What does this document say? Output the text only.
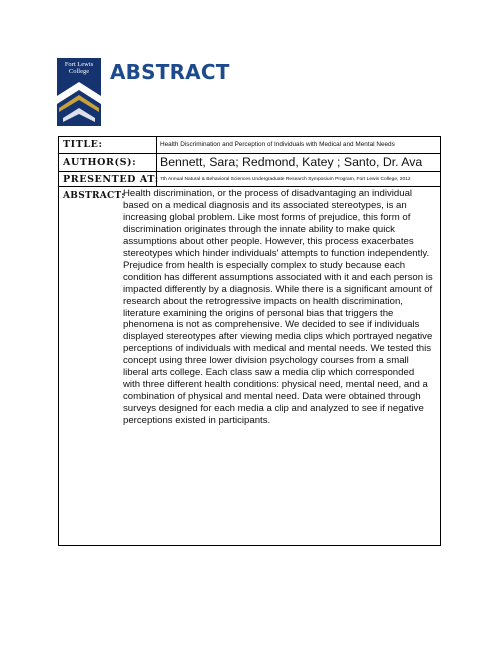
Fort Lewis
College	ABSTRACT
TITLE:	Health Discrimination and Perception of Individuals with Medical and Mental Needs
AUTHOR(S): Bennett, Sara; Redmond, Katey ; Santo, Dr. Ava
PRESENTED AT: 7th Annual Natural & Behavioral Sciences Undergraduate Research Symposium Program, Fort Lewis College, 2012
ABSTRACT:
Health discrimination, or the process of disadvantaging an individual
based on a medical diagnosis and its associated stereotypes, is an
increasing global problem. Like most forms of prejudice, this form of
discrimination originates through the innate ability to make quick
assumptions about other people. However, this process exacerbates
stereotypes which hinder individuals' attempts to function independently.
Prejudice from health is especially complex to study because each
condition has different assumptions associated with it and each person is
impacted differently by a diagnosis. While there is a significant amount of
research about the retrogressive impacts on health discrimination,
literature examining the origins of personal bias that triggers the
phenomena is not as comprehensive. We decided to see if individuals
displayed stereotypes after viewing media clips which portrayed negative
perceptions of individuals with medical and mental needs. We tested this
concept using three lower division psychology courses from a small
liberal arts college. Each class saw a media clip which corresponded
with three different health conditions: physical need, mental need, and a
combination of physical and mental need. Data were obtained through
surveys designed for each media a clip and analyzed to see if negative
perceptions existed in participants.
